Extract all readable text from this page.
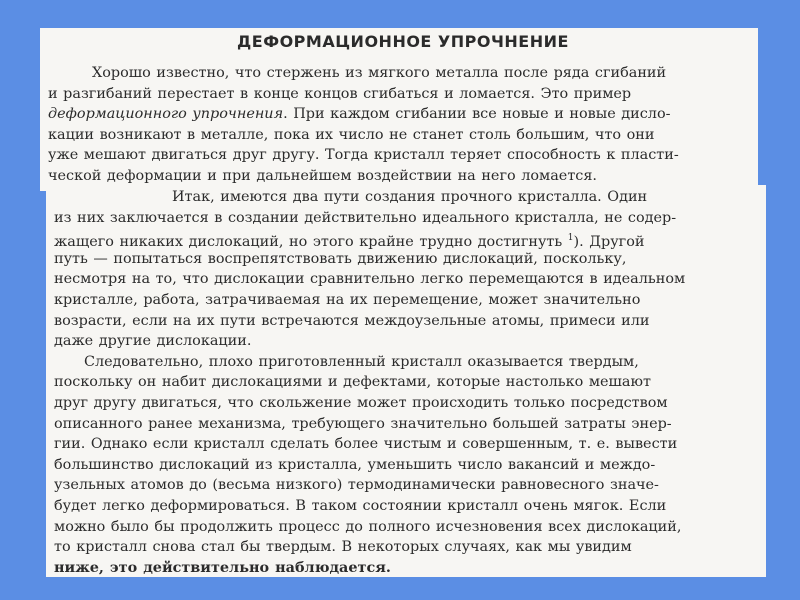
ДЕФОРМАЦИОННОЕ УПРОЧНЕНИЕ
Хорошо известно, что стержень из мягкого металла после ряда сгибаний
и разгибаний перестает в конце концов сгибаться и ломается. Это пример
деформационного упрочнения. При каждом сгибании все новые и новые дисло-
кации возникают в металле, пока их число не станет столь большим, что они
уже мешают двигаться друг другу. Тогда кристалл теряет способность к пласти-
ческой деформации и при дальнейшем воздействии на него ломается.
Итак, имеются два пути создания прочного кристалла. Один
из них заключается в создании действительно идеального кристалла, не содер-
жащего никаких дислокаций, но этого крайне трудно достигнуть $^1$). Другой
путь — попытаться воспрепятствовать движению дислокаций, поскольку,
несмотря на то, что дислокации сравнительно легко перемещаются в идеальном
кристалле, работа, затрачиваемая на их перемещение, может значительно
возрасти, если на их пути встречаются междоузельные атомы, примеси или
даже другие дислокации.
Следовательно, плохо приготовленный кристалл оказывается твердым,
поскольку он набит дислокациями и дефектами, которые настолько мешают
друг другу двигаться, что скольжение может происходить только посредством
описанного ранее механизма, требующего значительно большей затраты энер-
гии. Однако если кристалл сделать более чистым и совершенным, т. е. вывести
большинство дислокаций из кристалла, уменьшить число вакансий и междо-
узельных атомов до (весьма низкого) термодинамически равновесного значе-
будет легко деформироваться. В таком состоянии кристалл очень мягок. Если
можно было бы продолжить процесс до полного исчезновения всех дислокаций,
то кристалл снова стал бы твердым. В некоторых случаях, как мы увидим
ниже, это действительно наблюдается.
